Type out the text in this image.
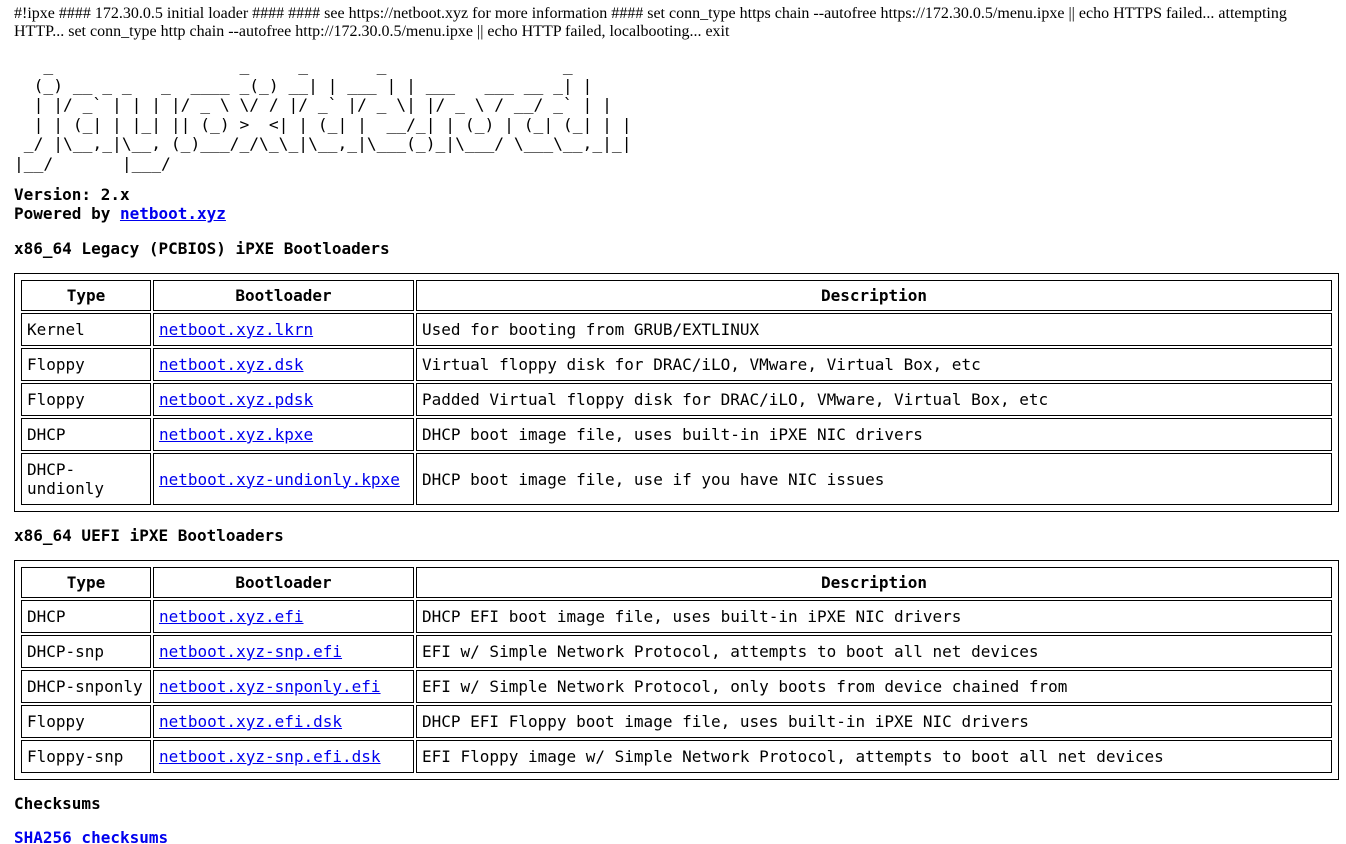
#!ipxe #### 172.30.0.5 initial loader #### #### see https://netboot.xyz for more information #### set conn_type https chain --autofree https://172.30.0.5/menu.ipxe || echo HTTPS failed... attempting HTTP... set conn_type http chain --autofree http://172.30.0.5/menu.ipxe || echo HTTP failed, localbooting... exit

_                   _     _       _                  _
(_) __ _ _   _  ____ _(_) __| | ___ | | ___   ___ __ _| |
| |/ _` | | | |/ _ \ \/ / |/ _` |/ _ \| |/ _ \ / __/ _` | |
| | (_| | |_| || (_) >  <| | (_| |  __/_| | (_) | (_| (_| | |
_/ |\__,_|\__, (_)___/_/\_\_|\__,_|\___(_)_|\___/ \___\__,_|_|
|__/       |___/
Version: 2.x
Powered by netboot.xyz
x86_64 Legacy (PCBIOS) iPXE Bootloaders
Type	Bootloader	Description
Kernel	netboot.xyz.lkrn	Used for booting from GRUB/EXTLINUX
Floppy	netboot.xyz.dsk	Virtual floppy disk for DRAC/iLO, VMware, Virtual Box, etc
Floppy	netboot.xyz.pdsk	Padded Virtual floppy disk for DRAC/iLO, VMware, Virtual Box, etc
DHCP	netboot.xyz.kpxe	DHCP boot image file, uses built-in iPXE NIC drivers
DHCP-undionly	netboot.xyz-undionly.kpxe	DHCP boot image file, use if you have NIC issues
x86_64 UEFI iPXE Bootloaders
Type	Bootloader	Description
DHCP	netboot.xyz.efi	DHCP EFI boot image file, uses built-in iPXE NIC drivers
DHCP-snp	netboot.xyz-snp.efi	EFI w/ Simple Network Protocol, attempts to boot all net devices
DHCP-snponly	netboot.xyz-snponly.efi	EFI w/ Simple Network Protocol, only boots from device chained from
Floppy	netboot.xyz.efi.dsk	DHCP EFI Floppy boot image file, uses built-in iPXE NIC drivers
Floppy-snp	netboot.xyz-snp.efi.dsk	EFI Floppy image w/ Simple Network Protocol, attempts to boot all net devices
Checksums
SHA256 checksums
